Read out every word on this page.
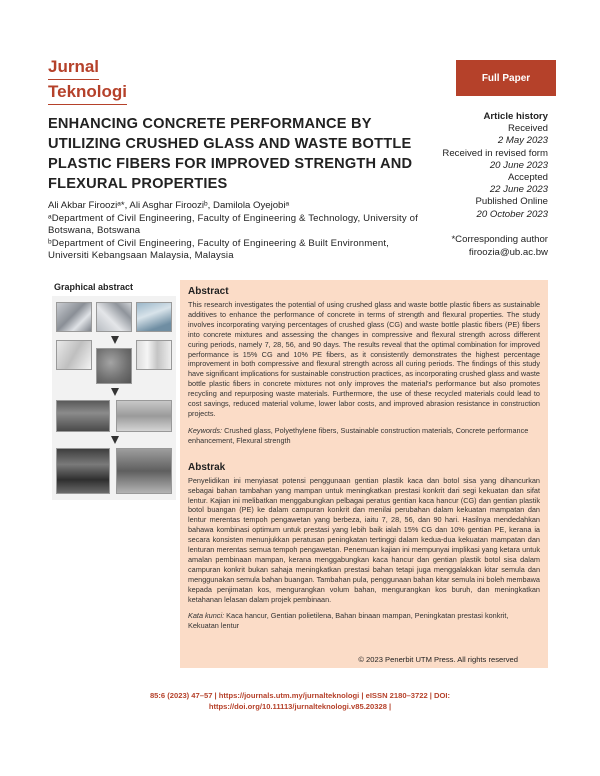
Jurnal
Teknologi
Full Paper
ENHANCING CONCRETE PERFORMANCE BY UTILIZING CRUSHED GLASS AND WASTE BOTTLE PLASTIC FIBERS FOR IMPROVED STRENGTH AND FLEXURAL PROPERTIES
Article history
Received
2 May 2023
Received in revised form
20 June 2023
Accepted
22 June 2023
Published Online
20 October 2023
Ali Akbar Firooziᵃ*, Ali Asghar Firooziᵇ, Damilola Oyejobiᵃ
ᵃDepartment of Civil Engineering, Faculty of Engineering & Technology, University of Botswana, Botswana
ᵇDepartment of Civil Engineering, Faculty of Engineering & Built Environment, Universiti Kebangsaan Malaysia, Malaysia
*Corresponding author
firoozia@ub.ac.bw
Graphical abstract	Abstract
This research investigates the potential of using crushed glass and waste bottle plastic fibers as sustainable additives to enhance the performance of concrete in terms of strength and flexural properties. The study involves incorporating varying percentages of crushed glass (CG) and waste bottle plastic fibers (PE) fibers into concrete mixtures and assessing the changes in compressive and flexural strength across different curing periods, namely 7, 28, 56, and 90 days. The results reveal that the optimal combination for improved performance is 15% CG and 10% PE fibers, as it consistently demonstrates the highest percentage improvement in both compressive and flexural strength across all curing periods. The findings of this study have significant implications for sustainable construction practices, as incorporating crushed glass and waste bottle plastic fibers in concrete mixtures not only improves the material's performance but also promotes recycling and repurposing waste materials. Furthermore, the use of these recycled materials could lead to cost savings, reduced material volume, lower labor costs, and improved abrasion resistance in construction projects.
Keywords: Crushed glass, Polyethylene fibers, Sustainable construction materials, Concrete performance enhancement, Flexural strength
Abstrak
Penyelidikan ini menyiasat potensi penggunaan gentian plastik kaca dan botol sisa yang dihancurkan sebagai bahan tambahan yang mampan untuk meningkatkan prestasi konkrit dari segi kekuatan dan sifat lentur. Kajian ini melibatkan menggabungkan pelbagai peratus gentian kaca hancur (CG) dan gentian plastik botol buangan (PE) ke dalam campuran konkrit dan menilai perubahan dalam kekuatan mampatan dan lentur merentas tempoh pengawetan yang berbeza, iaitu 7, 28, 56, dan 90 hari. Hasilnya mendedahkan bahawa kombinasi optimum untuk prestasi yang lebih baik ialah 15% CG dan 10% gentian PE, kerana ia secara konsisten menunjukkan peratusan peningkatan tertinggi dalam kedua-dua kekuatan mampatan dan lenturan merentas semua tempoh pengawetan. Penemuan kajian ini mempunyai implikasi yang ketara untuk amalan pembinaan mampan, kerana menggabungkan kaca hancur dan gentian plastik botol sisa dalam campuran konkrit bukan sahaja meningkatkan prestasi bahan tetapi juga menggalakkan kitar semula dan menggunakan semula bahan buangan. Tambahan pula, penggunaan bahan kitar semula ini boleh membawa kepada penjimatan kos, mengurangkan volum bahan, mengurangkan kos buruh, dan meningkatkan ketahanan lelasan dalam projek pembinaan.
Kata kunci: Kaca hancur, Gentian polietilena, Bahan binaan mampan, Peningkatan prestasi konkrit, Kekuatan lentur
© 2023 Penerbit UTM Press. All rights reserved
85:6 (2023) 47–57 | https://journals.utm.my/jurnalteknologi | eISSN 2180–3722 | DOI:
https://doi.org/10.11113/jurnalteknologi.v85.20328 |
